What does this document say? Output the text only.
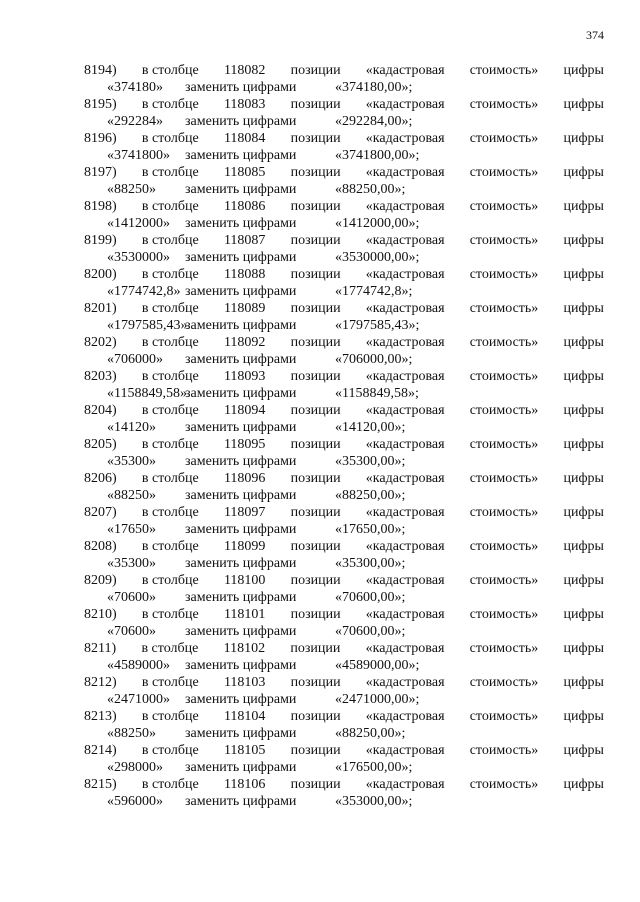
374
8194) в столбце 118082 позиции «кадастровая стоимость» цифры
«374180»	заменить цифрами	«374180,00»;
8195) в столбце 118083 позиции «кадастровая стоимость» цифры
«292284»	заменить цифрами	«292284,00»;
8196) в столбце 118084 позиции «кадастровая стоимость» цифры
«3741800»	заменить цифрами	«3741800,00»;
8197) в столбце 118085 позиции «кадастровая стоимость» цифры
«88250»	заменить цифрами	«88250,00»;
8198) в столбце 118086 позиции «кадастровая стоимость» цифры
«1412000»	заменить цифрами	«1412000,00»;
8199) в столбце 118087 позиции «кадастровая стоимость» цифры
«3530000»	заменить цифрами	«3530000,00»;
8200) в столбце 118088 позиции «кадастровая стоимость» цифры
«1774742,8» заменить цифрами	«1774742,8»;
8201) в столбце 118089 позиции «кадастровая стоимость» цифры
«1797585,43»
заменить цифрами	«1797585,43»;
8202) в столбце 118092 позиции «кадастровая стоимость» цифры
«706000»	заменить цифрами	«706000,00»;
8203) в столбце 118093 позиции «кадастровая стоимость» цифры
«1158849,58»
заменить цифрами	«1158849,58»;
8204) в столбце 118094 позиции «кадастровая стоимость» цифры
«14120»	заменить цифрами	«14120,00»;
8205) в столбце 118095 позиции «кадастровая стоимость» цифры
«35300»	заменить цифрами	«35300,00»;
8206) в столбце 118096 позиции «кадастровая стоимость» цифры
«88250»	заменить цифрами	«88250,00»;
8207) в столбце 118097 позиции «кадастровая стоимость» цифры
«17650»	заменить цифрами	«17650,00»;
8208) в столбце 118099 позиции «кадастровая стоимость» цифры
«35300»	заменить цифрами	«35300,00»;
8209) в столбце 118100 позиции «кадастровая стоимость» цифры
«70600»	заменить цифрами	«70600,00»;
8210) в столбце 118101 позиции «кадастровая стоимость» цифры
«70600»	заменить цифрами	«70600,00»;
8211) в столбце 118102 позиции «кадастровая стоимость» цифры
«4589000»	заменить цифрами	«4589000,00»;
8212) в столбце 118103 позиции «кадастровая стоимость» цифры
«2471000»	заменить цифрами	«2471000,00»;
8213) в столбце 118104 позиции «кадастровая стоимость» цифры
«88250»	заменить цифрами	«88250,00»;
8214) в столбце 118105 позиции «кадастровая стоимость» цифры
«298000»	заменить цифрами	«176500,00»;
8215) в столбце 118106 позиции «кадастровая стоимость» цифры
«596000»	заменить цифрами	«353000,00»;
